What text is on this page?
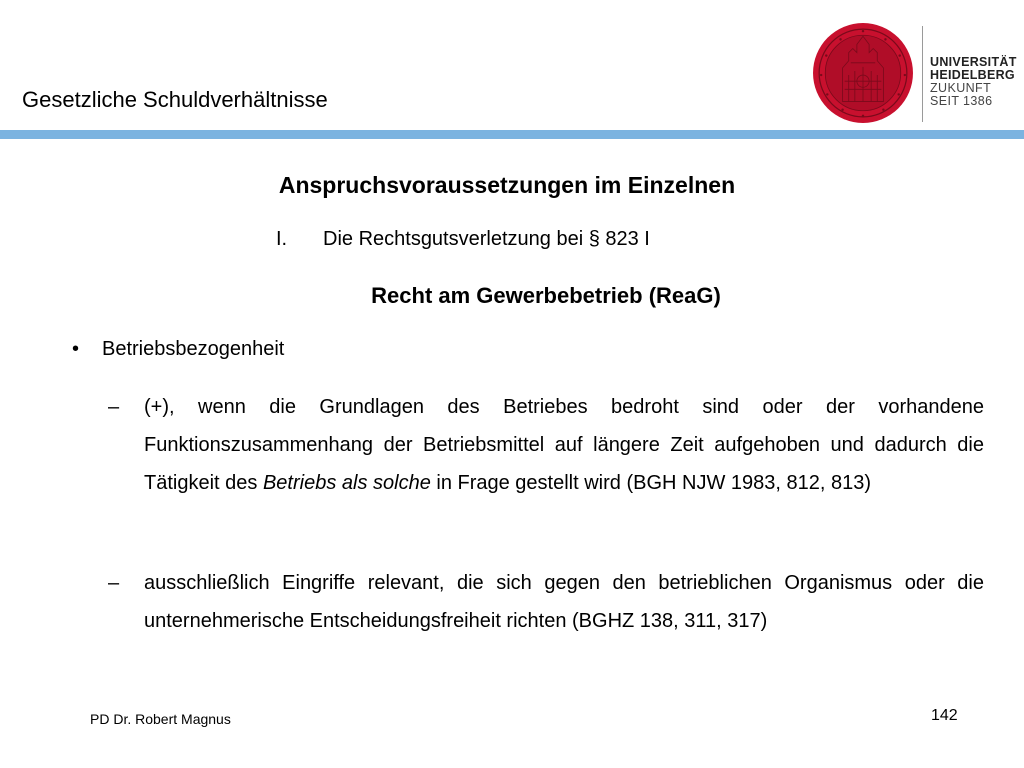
Gesetzliche Schuldverhältnisse
UNIVERSITÄT
HEIDELBERG
ZUKUNFT
SEIT 1386
Anspruchsvoraussetzungen im Einzelnen
I. Die Rechtsgutsverletzung bei § 823 I
Recht am Gewerbebetrieb (ReaG)
• Betriebsbezogenheit
– (+), wenn die Grundlagen des Betriebes bedroht sind oder der vorhandene Funktionszusammenhang der Betriebsmittel auf längere Zeit aufgehoben und dadurch die Tätigkeit des Betriebs als solche in Frage gestellt wird (BGH NJW 1983, 812, 813)
– ausschließlich Eingriffe relevant, die sich gegen den betrieblichen Organismus oder die unternehmerische Entscheidungsfreiheit richten (BGHZ 138, 311, 317)
PD Dr. Robert Magnus	142
